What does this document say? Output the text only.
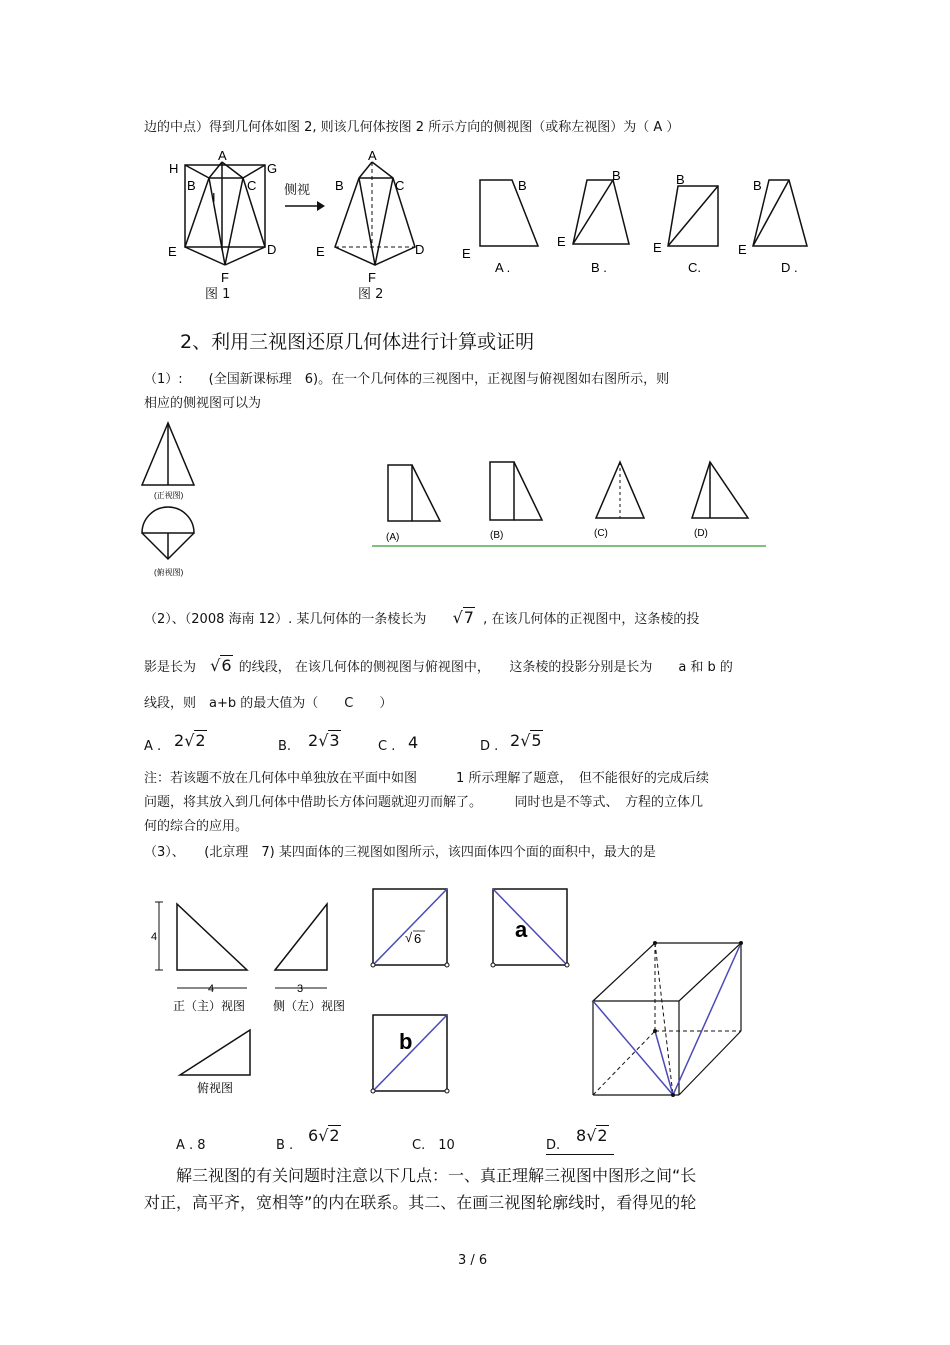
边的中点）得到几何体如图 2, 则该几何体按图 2 所示方向的侧视图（或称左视图）为（ A ）
H
A
G
B	C
I
E	D
F
图 1
侧视
A
B	C
E	D
F
图 2
B
E
A .
B
E
B .
B
E
C.
B
E
D .
2、利用三视图还原几何体进行计算或证明
（1）:　　(全国新课标理　6)。在一个几何体的三视图中，正视图与俯视图如右图所示，则
相应的侧视图可以为
(正视图)
(俯视图)
(A)	(B)	(C)	(D)
（2）、（2008 海南 12）. 某几何体的一条棱长为 √7 , 在该几何体的正视图中，这条棱的投
影是长为 √6 的线段， 在该几何体的侧视图与俯视图中，　　这条棱的投影分别是长为　　a 和 b 的
线段，则　a+b 的最大值为（　　C　　）
A . 2√2	B. 2√3	C . 4	D . 2√5
注：若该题不放在几何体中单独放在平面中如图　　　1 所示理解了题意，　但不能很好的完成后续
问题，将其放入到几何体中借助长方体问题就迎刃而解了。　　　同时也是不等式、　方程的立体几
何的综合的应用。
（3）、　　(北京理　7) 某四面体的三视图如图所示，该四面体四个面的面积中，最大的是
4
4	3
正（主）视图 侧（左）视图
俯视图
√ 6	a
b
A . 8	B .
6√2
C.　10	D.
8√2
解三视图的有关问题时注意以下几点：一、真正理解三视图中图形之间“长
对正，高平齐，宽相等”的内在联系。其二、在画三视图轮廓线时，看得见的轮
3 / 6
